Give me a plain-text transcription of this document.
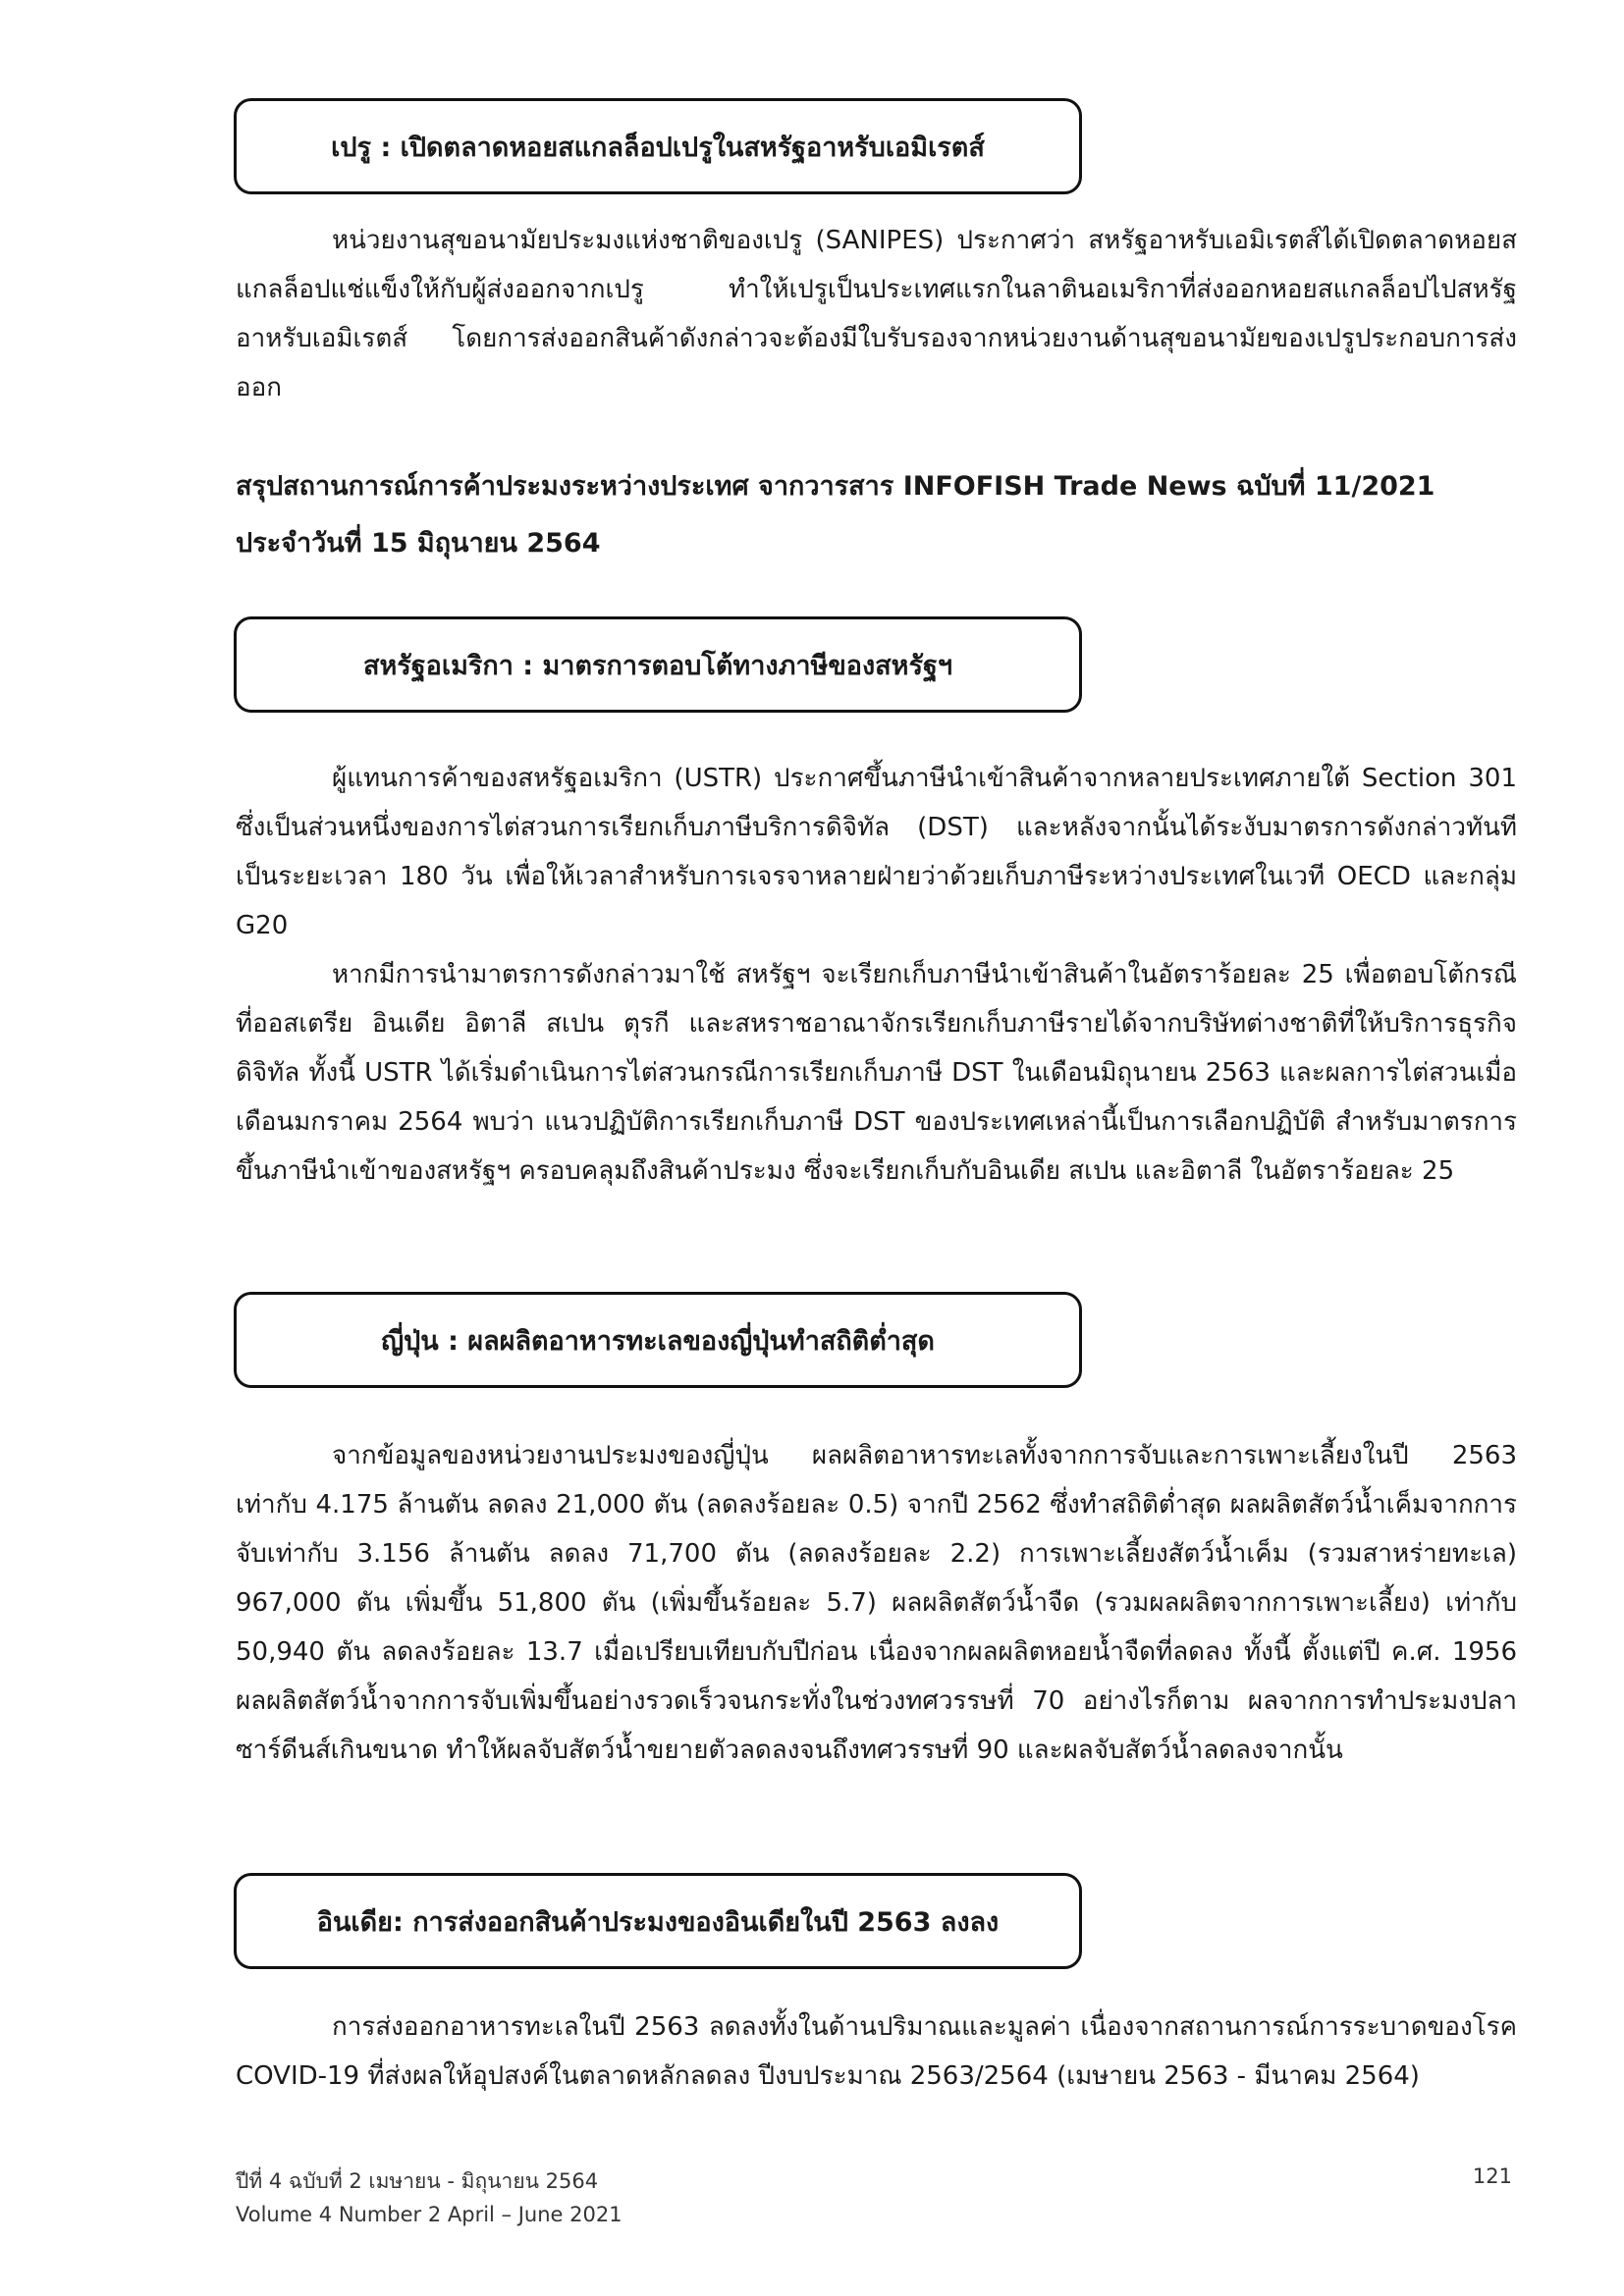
เปรู : เปิดตลาดหอยสแกลล็อปเปรูในสหรัฐอาหรับเอมิเรตส์

หน่วยงานสุขอนามัยประมงแห่งชาติของเปรู (SANIPES) ประกาศว่า สหรัฐอาหรับเอมิเรตส์ได้เปิดตลาดหอยสแกลล็อปแช่แข็งให้กับผู้ส่งออกจากเปรู ทำให้เปรูเป็นประเทศแรกในลาตินอเมริกาที่ส่งออกหอยสแกลล็อปไปสหรัฐอาหรับเอมิเรตส์ โดยการส่งออกสินค้าดังกล่าวจะต้องมีใบรับรองจากหน่วยงานด้านสุขอนามัยของเปรูประกอบการส่งออก

สรุปสถานการณ์การค้าประมงระหว่างประเทศ จากวารสาร INFOFISH Trade News ฉบับที่ 11/2021

ประจำวันที่ 15 มิถุนายน 2564

สหรัฐอเมริกา : มาตรการตอบโต้ทางภาษีของสหรัฐฯ

ผู้แทนการค้าของสหรัฐอเมริกา (USTR) ประกาศขึ้นภาษีนำเข้าสินค้าจากหลายประเทศภายใต้ Section 301 ซึ่งเป็นส่วนหนึ่งของการไต่สวนการเรียกเก็บภาษีบริการดิจิทัล (DST) และหลังจากนั้นได้ระงับมาตรการดังกล่าวทันทีเป็นระยะเวลา 180 วัน เพื่อให้เวลาสำหรับการเจรจาหลายฝ่ายว่าด้วยเก็บภาษีระหว่างประเทศในเวที OECD และกลุ่ม G20

หากมีการนำมาตรการดังกล่าวมาใช้ สหรัฐฯ จะเรียกเก็บภาษีนำเข้าสินค้าในอัตราร้อยละ 25 เพื่อตอบโต้กรณีที่ออสเตรีย อินเดีย อิตาลี สเปน ตุรกี และสหราชอาณาจักรเรียกเก็บภาษีรายได้จากบริษัทต่างชาติที่ให้บริการธุรกิจดิจิทัล ทั้งนี้ USTR ได้เริ่มดำเนินการไต่สวนกรณีการเรียกเก็บภาษี DST ในเดือนมิถุนายน 2563 และผลการไต่สวนเมื่อเดือนมกราคม 2564 พบว่า แนวปฏิบัติการเรียกเก็บภาษี DST ของประเทศเหล่านี้เป็นการเลือกปฏิบัติ สำหรับมาตรการขึ้นภาษีนำเข้าของสหรัฐฯ ครอบคลุมถึงสินค้าประมง ซึ่งจะเรียกเก็บกับอินเดีย สเปน และอิตาลี ในอัตราร้อยละ 25

ญี่ปุ่น : ผลผลิตอาหารทะเลของญี่ปุ่นทำสถิติต่ำสุด

จากข้อมูลของหน่วยงานประมงของญี่ปุ่น ผลผลิตอาหารทะเลทั้งจากการจับและการเพาะเลี้ยงในปี 2563 เท่ากับ 4.175 ล้านตัน ลดลง 21,000 ตัน (ลดลงร้อยละ 0.5) จากปี 2562 ซึ่งทำสถิติต่ำสุด ผลผลิตสัตว์น้ำเค็มจากการจับเท่ากับ 3.156 ล้านตัน ลดลง 71,700 ตัน (ลดลงร้อยละ 2.2) การเพาะเลี้ยงสัตว์น้ำเค็ม (รวมสาหร่ายทะเล) 967,000 ตัน เพิ่มขึ้น 51,800 ตัน (เพิ่มขึ้นร้อยละ 5.7) ผลผลิตสัตว์น้ำจืด (รวมผลผลิตจากการเพาะเลี้ยง) เท่ากับ 50,940 ตัน ลดลงร้อยละ 13.7 เมื่อเปรียบเทียบกับปีก่อน เนื่องจากผลผลิตหอยน้ำจืดที่ลดลง ทั้งนี้ ตั้งแต่ปี ค.ศ. 1956 ผลผลิตสัตว์น้ำจากการจับเพิ่มขึ้นอย่างรวดเร็วจนกระทั่งในช่วงทศวรรษที่ 70 อย่างไรก็ตาม ผลจากการทำประมงปลาซาร์ดีนส์เกินขนาด ทำให้ผลจับสัตว์น้ำขยายตัวลดลงจนถึงทศวรรษที่ 90 และผลจับสัตว์น้ำลดลงจากนั้น

อินเดีย: การส่งออกสินค้าประมงของอินเดียในปี 2563 ลงลง

การส่งออกอาหารทะเลในปี 2563 ลดลงทั้งในด้านปริมาณและมูลค่า เนื่องจากสถานการณ์การระบาดของโรค COVID-19 ที่ส่งผลให้อุปสงค์ในตลาดหลักลดลง ปีงบประมาณ 2563/2564 (เมษายน 2563 - มีนาคม 2564)

ปีที่ 4 ฉบับที่ 2 เมษายน - มิถุนายน 2564
Volume 4 Number 2 April – June 2021
121
